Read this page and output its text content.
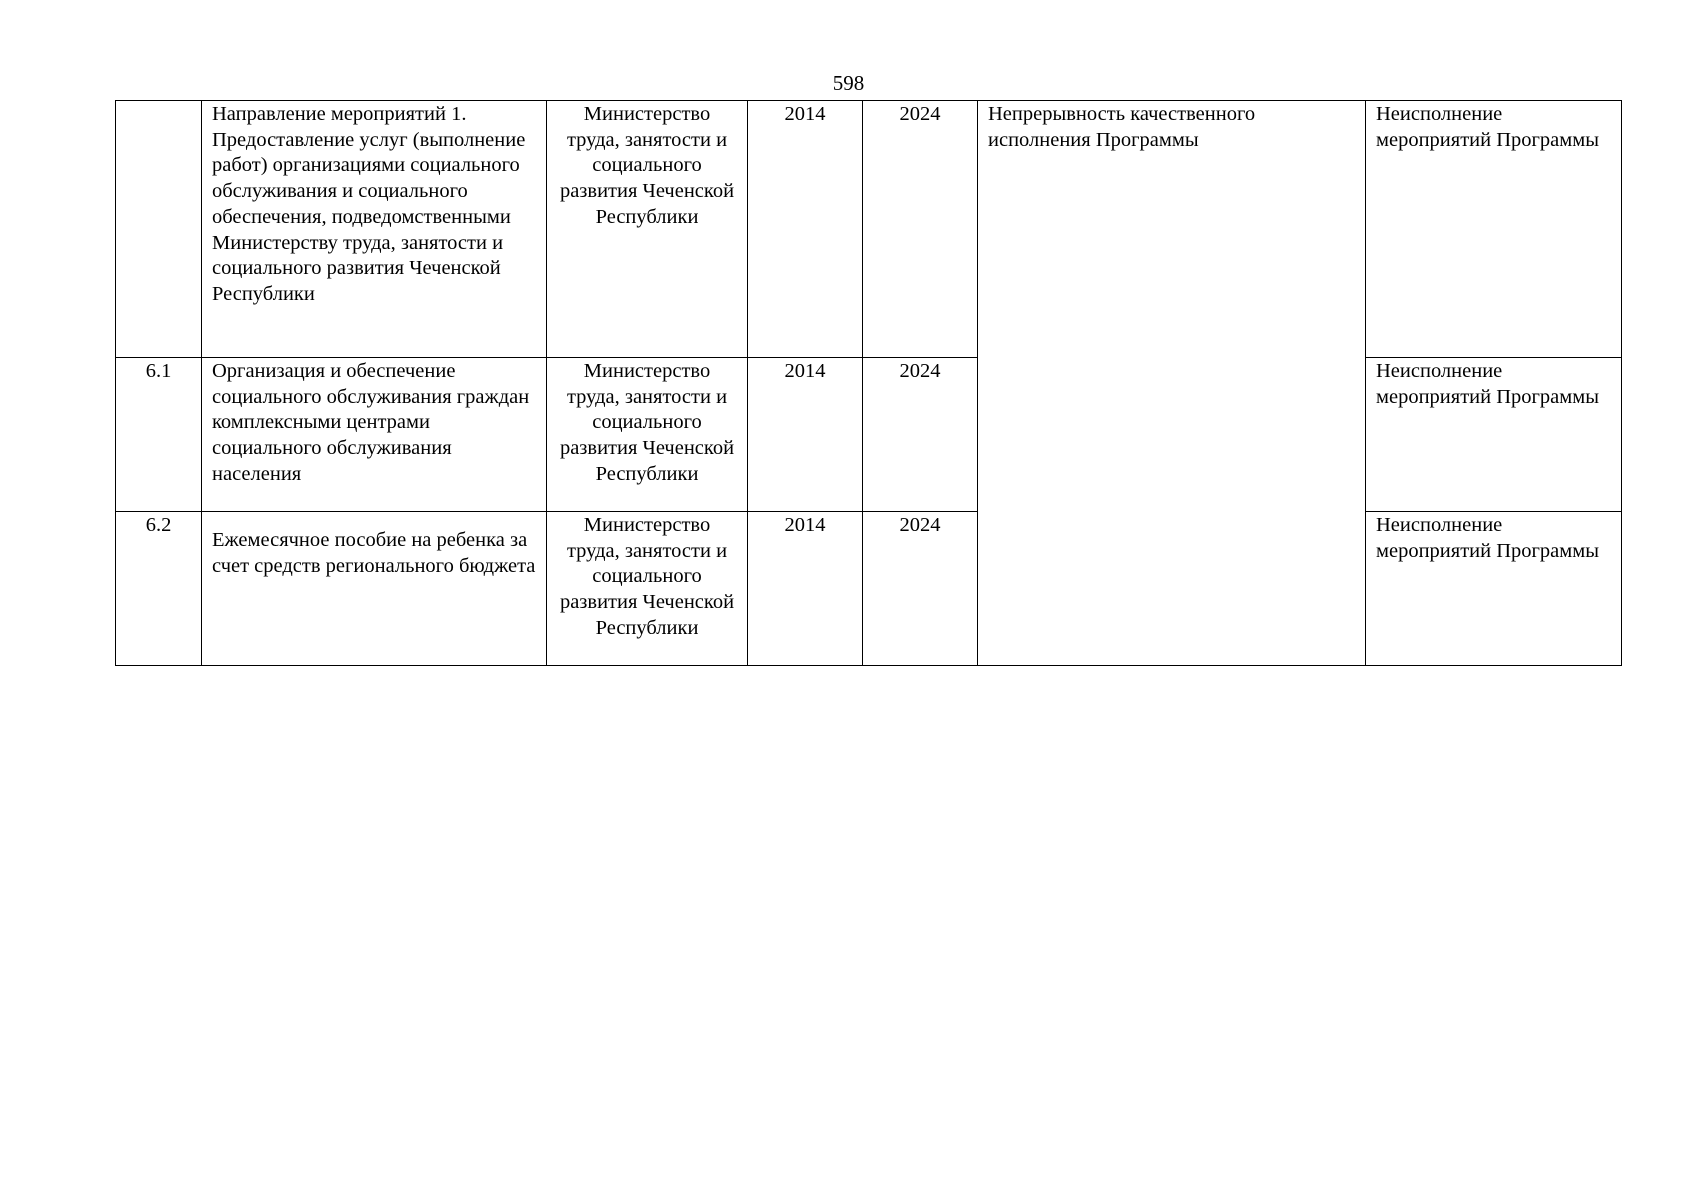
598
	Направление мероприятий 1. Предоставление услуг (выполнение работ) организациями социального обслуживания и социального обеспечения, подведомственными Министерству труда, занятости и социального развития Чеченской Республики	Министерство труда, занятости и социального развития Чеченской Республики	2014	2024	Непрерывность качественного исполнения Программы	Неисполнение мероприятий Программы
6.1	Организация и обеспечение социального обслуживания граждан комплексными центрами социального обслуживания населения	Министерство труда, занятости и социального развития Чеченской Республики	2014	2024		Неисполнение мероприятий Программы
6.2	Ежемесячное пособие на ребенка за счет средств регионального бюджета	Министерство труда, занятости и социального развития Чеченской Республики	2014	2024		Неисполнение мероприятий Программы
